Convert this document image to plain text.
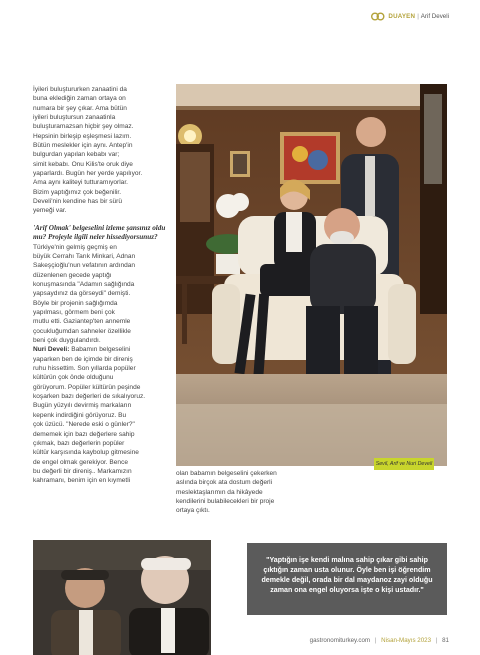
DUAYEN | Arif Develi

İyileri buluştururken zanaatini da

buna eklediğin zaman ortaya on

numara bir şey çıkar. Ama bütün

iyileri buluştursun zanaatinla

buluşturamazsan hiçbir şey olmaz.

Hepsinin birleşip eşleşmesi lazım.

Bütün meslekler için aynı. Antep'in

bulgurdan yapılan kebabı var;

simit kebabı. Onu Kilis'te oruk diye

yaparlardı. Bugün her yerde yapılıyor.

Ama aynı kaliteyi tutturamıyorlar.

Bizim yaptığımız çok beğenilir.

Develi'nin kendine has bir sürü

yemeği var.

'Arif Olmak' belgeselini izleme şansınız oldu mu? Projeyle ilgili neler hissediyorsunuz?

Türkiye'nin gelmiş geçmiş en

büyük Cerrahı Tarık Minkari, Adnan

Sakeşçioğlu'nun vefatının ardından

düzenlenen gecede yaptığı

konuşmasında "Adamın sağlığında

yapsaydınız da görseydi" demişti.

Böyle bir projenin sağlığımda

yapılması, görmem beni çok

mutlu etti. Gaziantep'ten annemle

çocukluğumdan sahneler özellikle

beni çok duygulandırdı.

Nuri Develi: Babamın belgeselini

yaparken ben de içimde bir direniş

ruhu hissettim. Son yıllarda popüler

kültürün çok önde olduğunu

görüyorum. Popüler kültürün peşinde

koşarken bazı değerleri de sıkalıyoruz.

Bugün yüzyılı devirmiş markaların

kepenk indirdiğini görüyoruz. Bu

çok üzücü. "Nerede eski o günler?"

dememek için bazı değerlere sahip

çıkmak, bazı değerlerin popüler

kültür karşısında kaybolup gitmesine

de engel olmak gerekiyor. Bence

bu değerli bir direniş.. Markamızın

kahramanı, benim için en kıymetli

Sevil, Arif ve Nuri Develi

olan babamın belgeselini çekerken

aslında birçok ata dostum değerli

meslektaşlarımın da hikâyede

kendilerini bulabilecekleri bir proje

ortaya çıktı.

"Yaptığın işe kendi malına sahip çıkar gibi sahip çıktığın zaman usta olunur. Öyle ben işi öğrendim demekle değil, orada bir dal maydanoz zayi olduğu zaman ona engel oluyorsa işte o kişi ustadır."
gastronomiturkey.com | Nisan-Mayıs 2023 | 81
